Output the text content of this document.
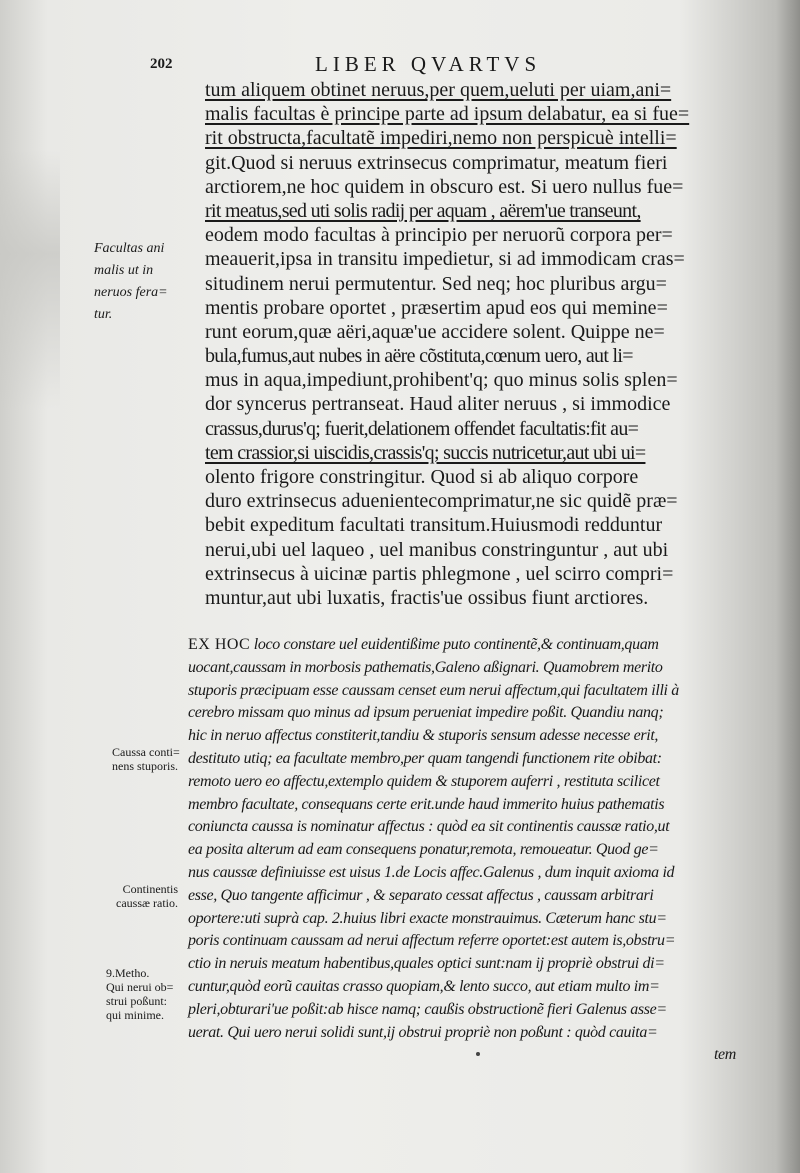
202	LIBER QVARTVS
tum aliquem obtinet neruus,per quem,ueluti per uiam,ani=
malis facultas è principe parte ad ipsum delabatur, ea si fue=
rit obstructa,facultatẽ impediri,nemo non perspicuè intelli=
git.Quod si neruus extrinsecus comprimatur, meatum fieri
arctiorem,ne hoc quidem in obscuro est. Si uero nullus fue=
rit meatus,sed uti solis radij per aquam , aërem'ue transeunt,
eodem modo facultas à principio per neruorũ corpora per=
meauerit,ipsa in transitu impedietur, si ad immodicam cras=
situdinem nerui permutentur. Sed neq; hoc pluribus argu=
mentis probare oportet , præsertim apud eos qui memine=
runt eorum,quæ aëri,aquæ'ue accidere solent. Quippe ne=
bula,fumus,aut nubes in aëre cõstituta,cœnum uero, aut li=
mus in aqua,impediunt,prohibent'q; quo minus solis splen=
dor syncerus pertranseat. Haud aliter neruus , si immodice
crassus,durus'q; fuerit,delationem offendet facultatis:fit au=
tem crassior,si uiscidis,crassis'q; succis nutricetur,aut ubi ui=
olento frigore constringitur. Quod si ab aliquo corpore
duro extrinsecus aduenientecomprimatur,ne sic quidẽ præ=
bebit expeditum facultati transitum.Huiusmodi redduntur
nerui,ubi uel laqueo , uel manibus constringuntur , aut ubi
extrinsecus à uicinæ partis phlegmone , uel scirro compri=
muntur,aut ubi luxatis, fractis'ue ossibus fiunt arctiores.
EX HOC loco constare uel euidentißime puto continentẽ,& continuam,quam
uocant,caussam in morbosis pathematis,Galeno aßignari. Quamobrem merito
stuporis præcipuam esse caussam censet eum nerui affectum,qui facultatem illi à
cerebro missam quo minus ad ipsum perueniat impedire poßit. Quandiu nanq;
hic in neruo affectus constiterit,tandiu & stuporis sensum adesse necesse erit,
destituto utiq; ea facultate membro,per quam tangendi functionem rite obibat:
remoto uero eo affectu,extemplo quidem & stuporem auferri , restituta scilicet
membro facultate, consequans certe erit.unde haud immerito huius pathematis
coniuncta caussa is nominatur affectus : quòd ea sit continentis caussæ ratio,ut
ea posita alterum ad eam consequens ponatur,remota, remoueatur. Quod ge=
nus caussæ definiuisse est uisus 1.de Locis affec.Galenus , dum inquit axioma id
esse, Quo tangente afficimur , & separato cessat affectus , caussam arbitrari
oportere:uti suprà cap. 2.huius libri exacte monstrauimus. Cæterum hanc stu=
poris continuam caussam ad nerui affectum referre oportet:est autem is,obstru=
ctio in neruis meatum habentibus,quales optici sunt:nam ij propriè obstrui di=
cuntur,quòd eorũ cauitas crasso quopiam,& lento succo, aut etiam multo im=
pleri,obturari'ue poßit:ab hisce namq; caußis obstructionẽ fieri Galenus asse=
uerat. Qui uero nerui solidi sunt,ij obstrui propriè non poßunt : quòd cauita=
tem
Facultas ani
malis ut in
neruos fera=
tur.
Caussa conti=
nens stuporis.
Continentis
caussæ ratio.
9.Metho.
Qui nerui ob=
strui poßunt:
qui minime.
